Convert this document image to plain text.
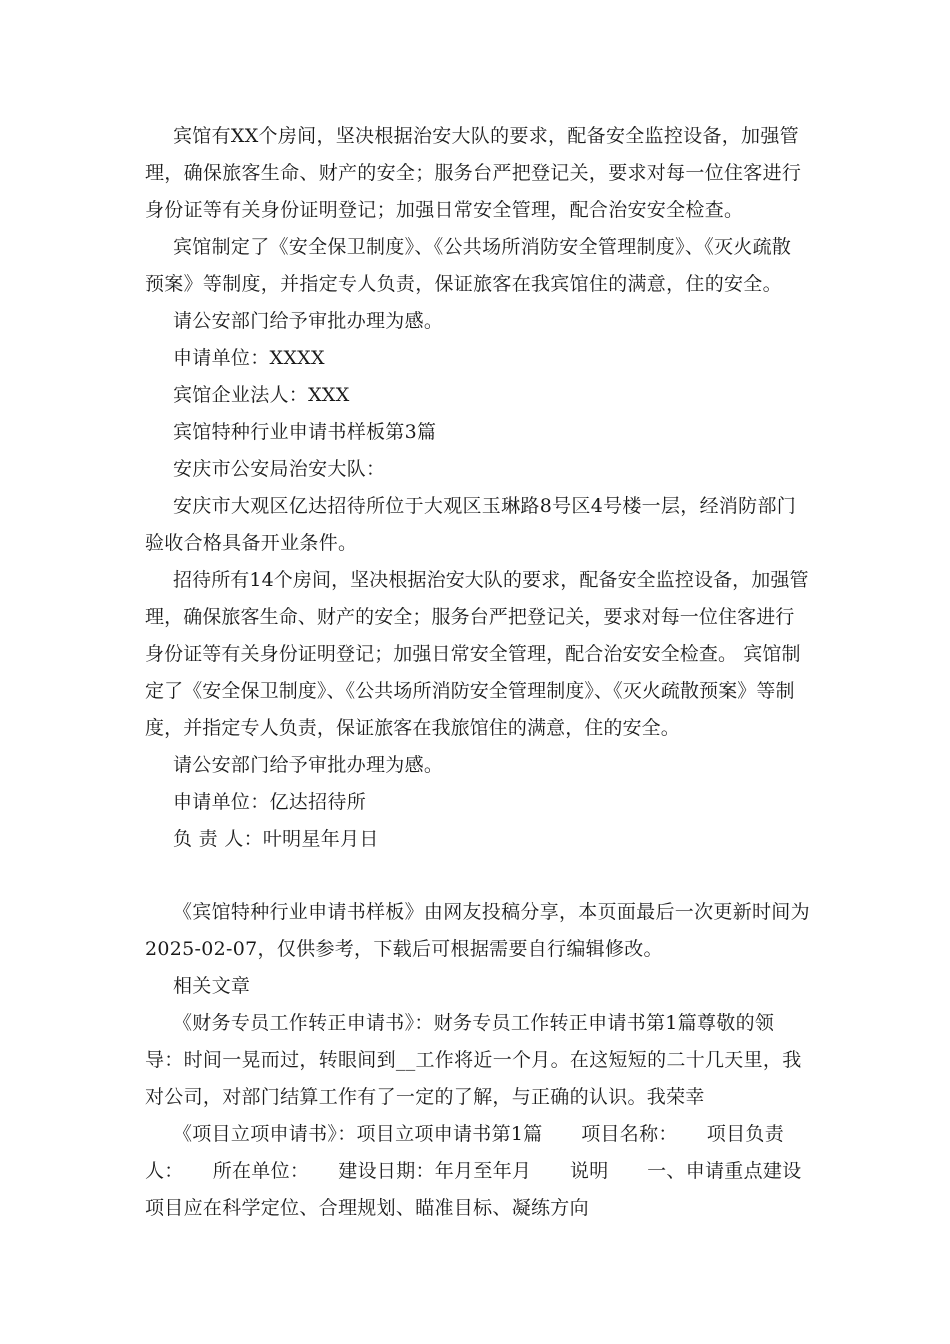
宾馆有XX个房间，坚决根据治安大队的要求，配备安全监控设备，加强管理，确保旅客生命、财产的安全；服务台严把登记关，要求对每一位住客进行身份证等有关身份证明登记；加强日常安全管理，配合治安安全检查。

宾馆制定了《安全保卫制度》、《公共场所消防安全管理制度》、《灭火疏散预案》等制度，并指定专人负责，保证旅客在我宾馆住的满意，住的安全。

请公安部门给予审批办理为感。

申请单位：XXXX

宾馆企业法人：XXX

宾馆特种行业申请书样板第3篇

安庆市公安局治安大队：

安庆市大观区亿达招待所位于大观区玉琳路8号区4号楼一层，经消防部门验收合格具备开业条件。

招待所有14个房间，坚决根据治安大队的要求，配备安全监控设备，加强管理，确保旅客生命、财产的安全；服务台严把登记关，要求对每一位住客进行身份证等有关身份证明登记；加强日常安全管理，配合治安安全检查。 宾馆制定了《安全保卫制度》、《公共场所消防安全管理制度》、《灭火疏散预案》等制度，并指定专人负责，保证旅客在我旅馆住的满意，住的安全。

请公安部门给予审批办理为感。

申请单位：亿达招待所

负 责 人：叶明星年月日

《宾馆特种行业申请书样板》由网友投稿分享，本页面最后一次更新时间为2025-02-07，仅供参考，下载后可根据需要自行编辑修改。

相关文章

《财务专员工作转正申请书》：财务专员工作转正申请书第1篇尊敬的领导：时间一晃而过，转眼间到__工作将近一个月。在这短短的二十几天里，我对公司，对部门结算工作有了一定的了解，与正确的认识。我荣幸

《项目立项申请书》：项目立项申请书第1篇　　项目名称：　　项目负责人：　　所在单位：　　建设日期：年月至年月　　说明　　一、申请重点建设项目应在科学定位、合理规划、瞄准目标、凝练方向
